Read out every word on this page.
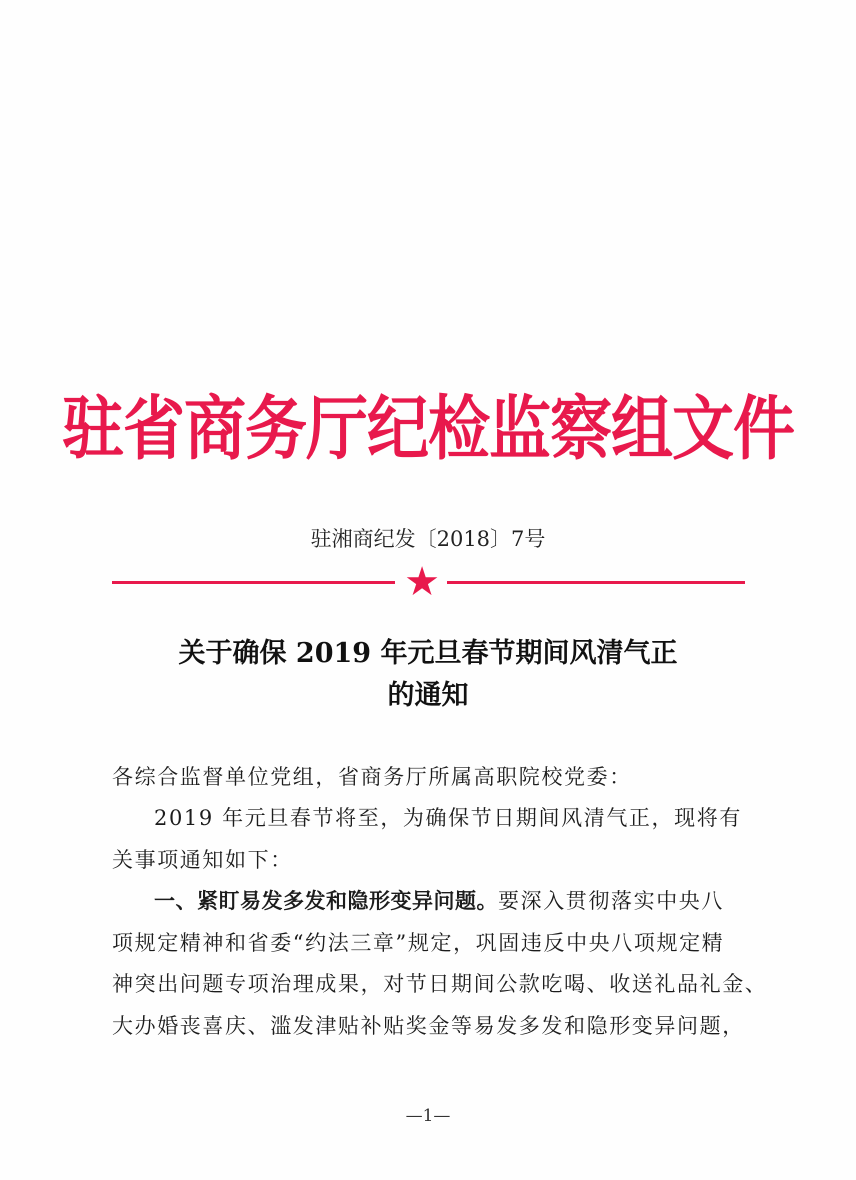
驻省商务厅纪检监察组文件
驻湘商纪发〔2018〕7号
★
关于确保 2019 年元旦春节期间风清气正
的通知
各综合监督单位党组，省商务厅所属高职院校党委：
2019 年元旦春节将至，为确保节日期间风清气正，现将有
关事项通知如下：
一、紧盯易发多发和隐形变异问题。要深入贯彻落实中央八
项规定精神和省委“约法三章”规定，巩固违反中央八项规定精
神突出问题专项治理成果，对节日期间公款吃喝、收送礼品礼金、
大办婚丧喜庆、滥发津贴补贴奖金等易发多发和隐形变异问题，
—1—
